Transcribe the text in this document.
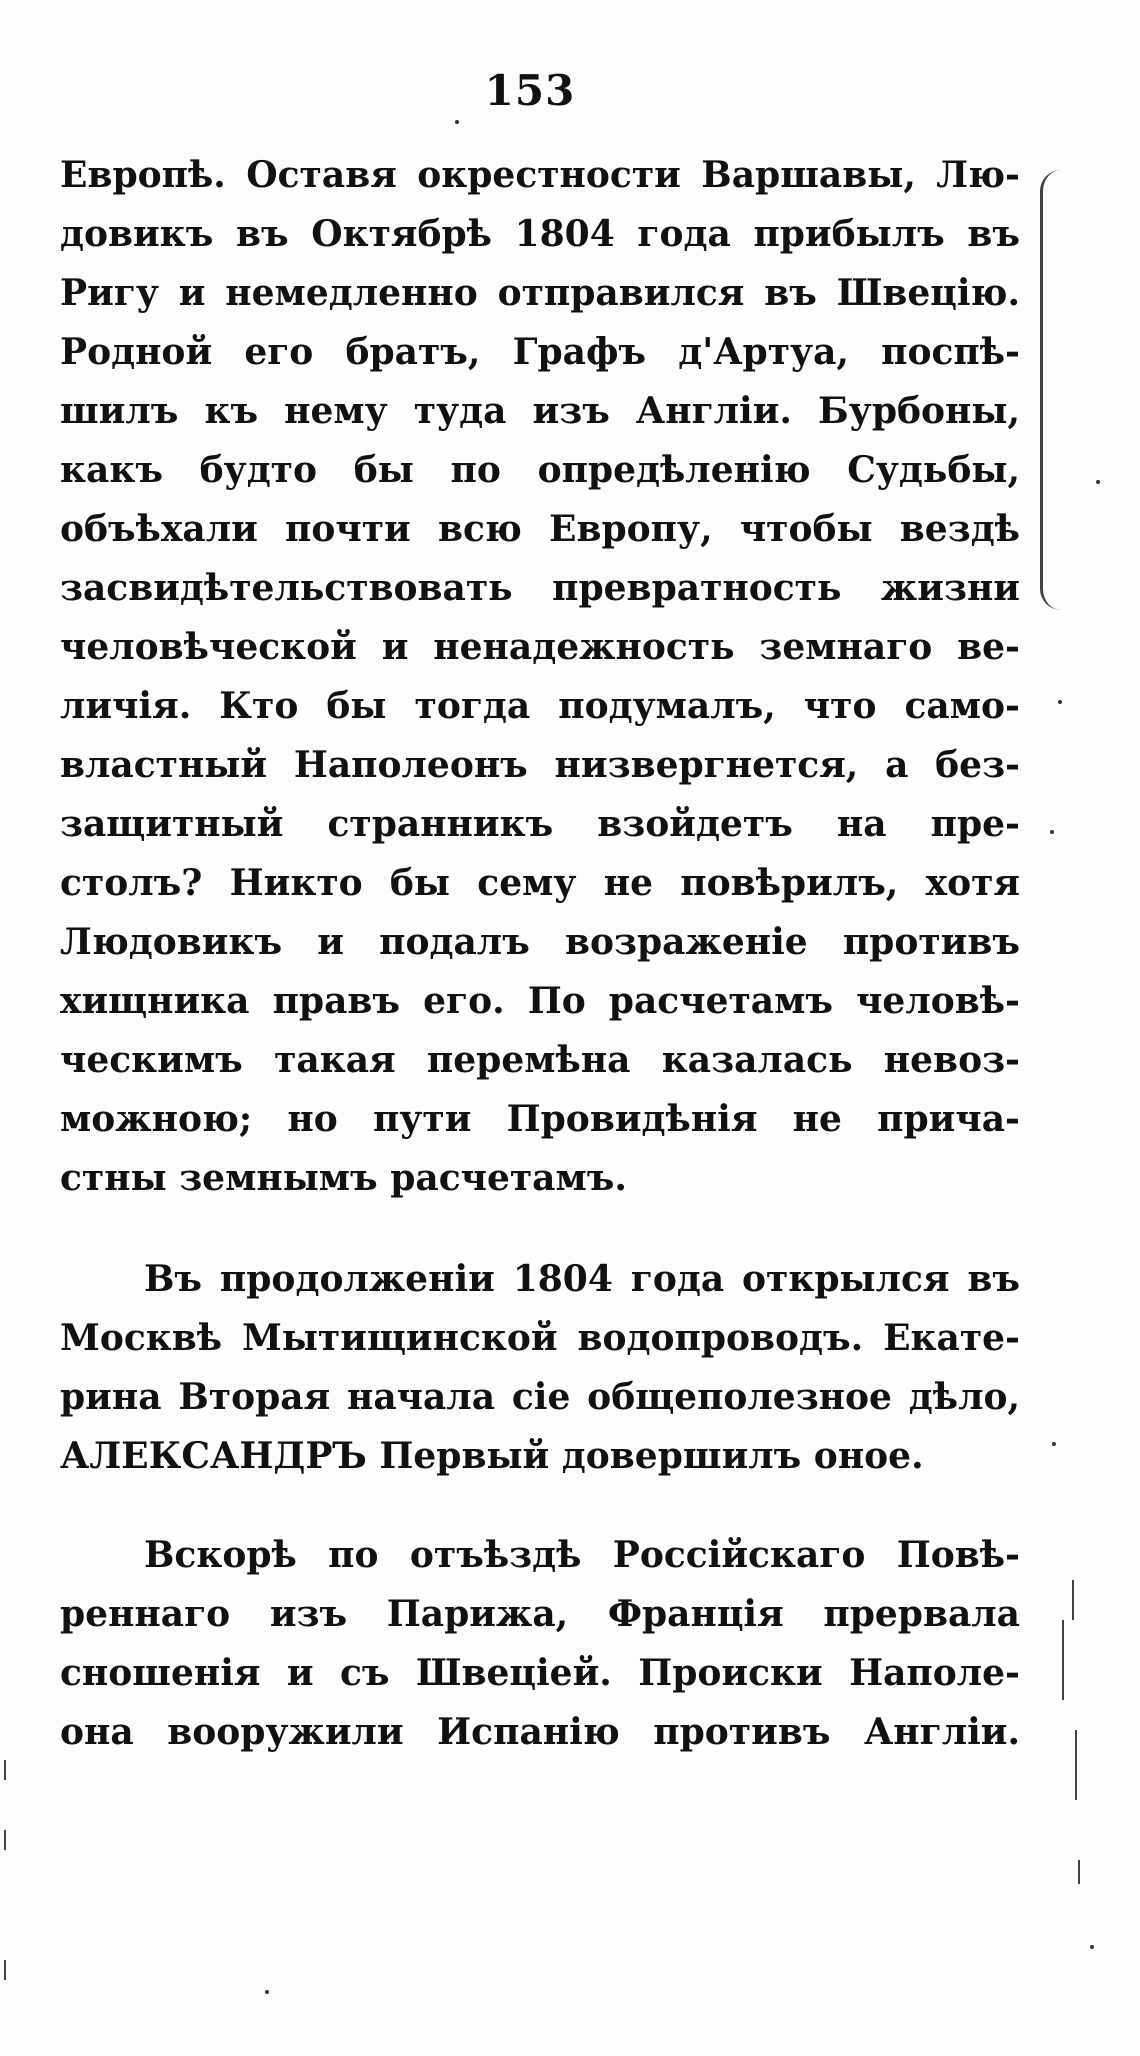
153
Европѣ. Оставя окрестности Варшавы, Лю-
довикъ въ Октябрѣ 1804 года прибылъ въ
Ригу и немедленно отправился въ Швецію.
Родной его братъ, Графъ д'Артуа, поспѣ-
шилъ къ нему туда изъ Англіи. Бурбоны,
какъ будто бы по опредѣленію Судьбы,
объѣхали почти всю Европу, чтобы вездѣ
засвидѣтельствовать превратность жизни
человѣческой и ненадежность земнаго ве-
личія. Кто бы тогда подумалъ, что само-
властный Наполеонъ низвергнется, а без-
защитный странникъ взойдетъ на пре-
столъ? Никто бы сему не повѣрилъ, хотя
Людовикъ и подалъ возраженіе противъ
хищника правъ его. По расчетамъ человѣ-
ческимъ такая перемѣна казалась невоз-
можною; но пути Провидѣнія не причa-
стны земнымъ расчетамъ.
Въ продолженіи 1804 года открылся въ
Москвѣ Мытищинской водопроводъ. Екате-
рина Вторая начала сіе общеполезное дѣло,
АЛЕКСАНДРЪ Первый довершилъ оное.
Вскорѣ по отъѣздѣ Россійскаго Повѣ-
реннаго изъ Парижа, Франція прервала
сношенія и съ Швеціей. Происки Наполе-
она вооружили Испанію противъ Англіи.
